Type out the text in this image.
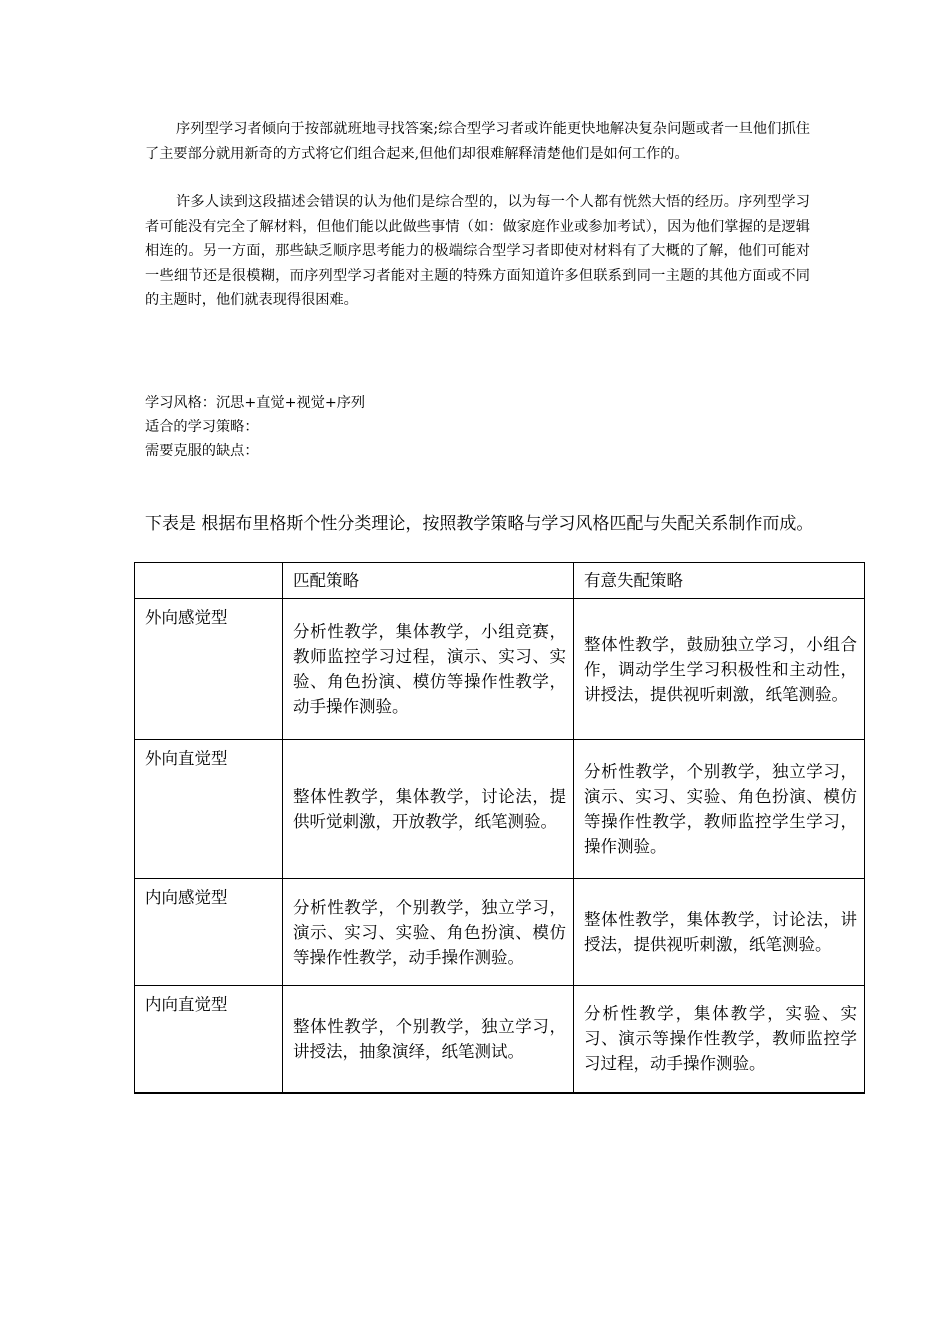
序列型学习者倾向于按部就班地寻找答案;综合型学习者或许能更快地解决复杂问题或者一旦他们抓住了主要部分就用新奇的方式将它们组合起来,但他们却很难解释清楚他们是如何工作的。

许多人读到这段描述会错误的认为他们是综合型的，以为每一个人都有恍然大悟的经历。序列型学习者可能没有完全了解材料，但他们能以此做些事情（如：做家庭作业或参加考试），因为他们掌握的是逻辑相连的。另一方面，那些缺乏顺序思考能力的极端综合型学习者即使对材料有了大概的了解，他们可能对一些细节还是很模糊，而序列型学习者能对主题的特殊方面知道许多但联系到同一主题的其他方面或不同的主题时，他们就表现得很困难。

学习风格：沉思+直觉+视觉+序列

适合的学习策略：

需要克服的缺点：

下表是 根据布里格斯个性分类理论，按照教学策略与学习风格匹配与失配关系制作而成。

	匹配策略	有意失配策略
外向感觉型	分析性教学，集体教学，小组竞赛，教师监控学习过程，演示、实习、实验、角色扮演、模仿等操作性教学，动手操作测验。	整体性教学，鼓励独立学习，小组合作，调动学生学习积极性和主动性，讲授法，提供视听刺激，纸笔测验。
外向直觉型	整体性教学，集体教学，讨论法，提供听觉刺激，开放教学，纸笔测验。	分析性教学，个别教学，独立学习，演示、实习、实验、角色扮演、模仿等操作性教学，教师监控学生学习，操作测验。
内向感觉型	分析性教学，个别教学，独立学习，演示、实习、实验、角色扮演、模仿等操作性教学，动手操作测验。	整体性教学，集体教学，讨论法，讲授法，提供视听刺激，纸笔测验。
内向直觉型	整体性教学，个别教学，独立学习，讲授法，抽象演绎，纸笔测试。	分析性教学，集体教学，实验、实习、演示等操作性教学，教师监控学习过程，动手操作测验。
